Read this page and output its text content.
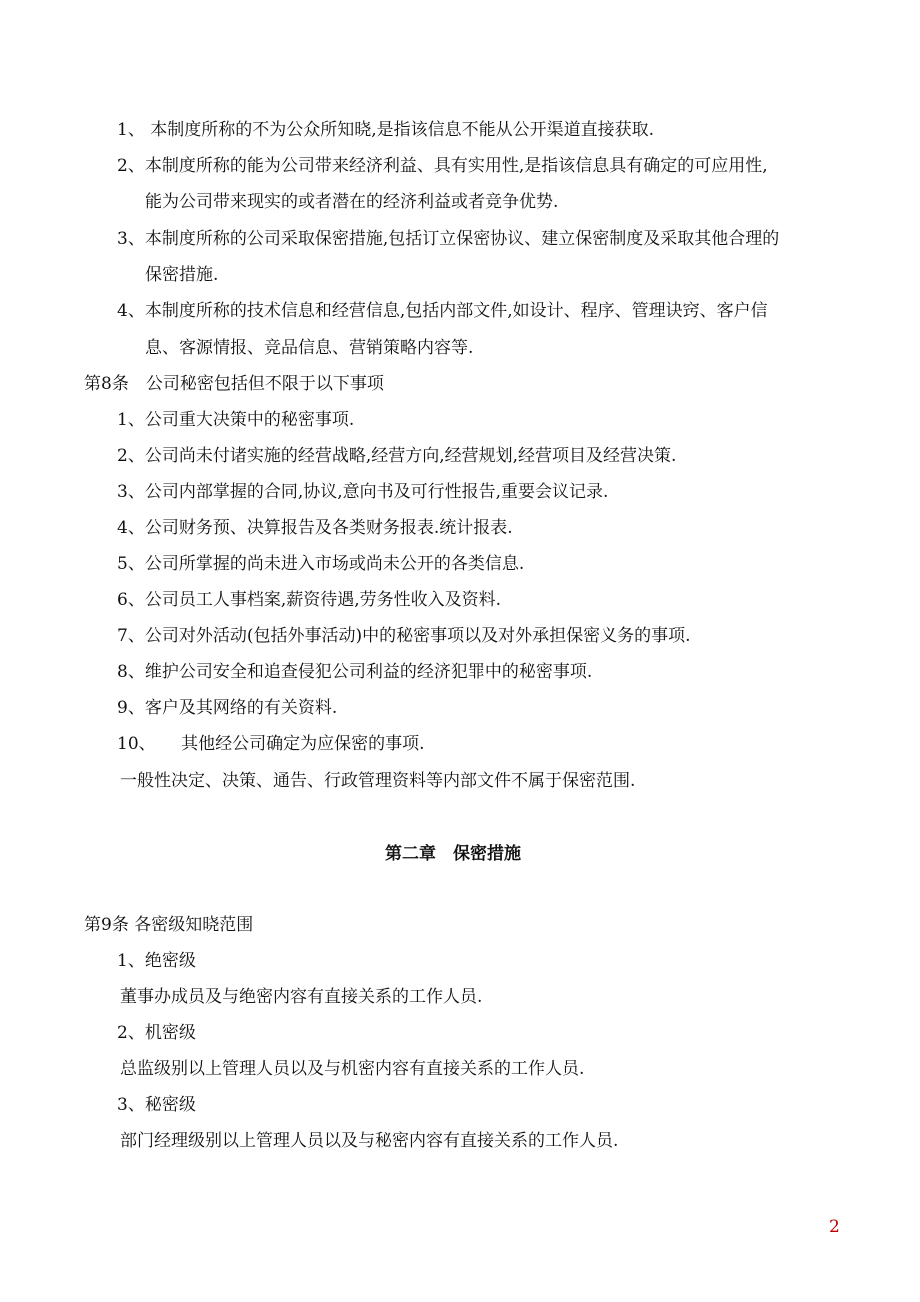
1、 本制度所称的不为公众所知晓,是指该信息不能从公开渠道直接获取.
2、本制度所称的能为公司带来经济利益、具有实用性,是指该信息具有确定的可应用性,
能为公司带来现实的或者潜在的经济利益或者竞争优势.
3、本制度所称的公司采取保密措施,包括订立保密协议、建立保密制度及采取其他合理的
保密措施.
4、本制度所称的技术信息和经营信息,包括内部文件,如设计、程序、管理诀窍、客户信
息、客源情报、竞品信息、营销策略内容等.
第8条　公司秘密包括但不限于以下事项
1、公司重大决策中的秘密事项.
2、公司尚未付诸实施的经营战略,经营方向,经营规划,经营项目及经营决策.
3、公司内部掌握的合同,协议,意向书及可行性报告,重要会议记录.
4、公司财务预、决算报告及各类财务报表.统计报表.
5、公司所掌握的尚未进入市场或尚未公开的各类信息.
6、公司员工人事档案,薪资待遇,劳务性收入及资料.
7、公司对外活动(包括外事活动)中的秘密事项以及对外承担保密义务的事项.
8、维护公司安全和追查侵犯公司利益的经济犯罪中的秘密事项.
9、客户及其网络的有关资料.
10、　　其他经公司确定为应保密的事项.
一般性决定、决策、通告、行政管理资料等内部文件不属于保密范围.
第二章　保密措施
第9条 各密级知晓范围
1、绝密级
董事办成员及与绝密内容有直接关系的工作人员.
2、机密级
总监级别以上管理人员以及与机密内容有直接关系的工作人员.
3、秘密级
部门经理级别以上管理人员以及与秘密内容有直接关系的工作人员.
2
